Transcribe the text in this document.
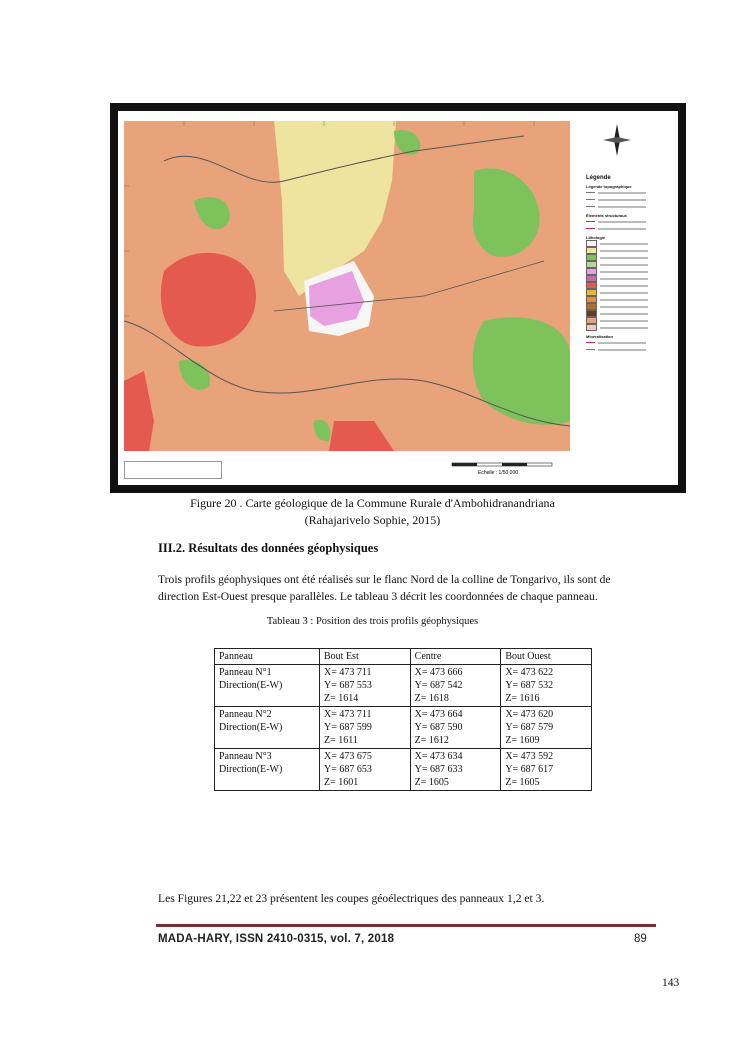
Légende
Légende topographique
Éléments structuraux
Lithologie
Minéralisation
Echelle : 1/50 000
Figure 20 . Carte géologique de la Commune Rurale d'Ambohidranandriana
(Rahajarivelo Sophie, 2015)
III.2. Résultats des données géophysiques
Trois profils géophysiques ont été réalisés sur le flanc Nord de la colline de Tongarivo, ils sont de
direction Est-Ouest presque parallèles. Le tableau 3 décrit les coordonnées de chaque panneau.
Tableau 3 : Position des trois profils géophysiques
Panneau	Bout Est	Centre	Bout Ouest

Panneau N°1
Direction(E-W)	X= 473 711
Y= 687 553
Z= 1614	X= 473 666
Y= 687 542
Z= 1618	X= 473 622
Y= 687 532
Z= 1616

Panneau N°2
Direction(E-W)	X= 473 711
Y= 687 599
Z= 1611	X= 473 664
Y= 687 590
Z= 1612	X= 473 620
Y= 687 579
Z= 1609

Panneau N°3
Direction(E-W)	X= 473 675
Y= 687 653
Z= 1601	X= 473 634
Y= 687 633
Z= 1605	X= 473 592
Y= 687 617
Z= 1605
Les Figures 21,22 et 23 présentent les coupes géoélectriques des panneaux 1,2 et 3.
MADA-HARY, ISSN 2410-0315, vol. 7, 2018	89
143
